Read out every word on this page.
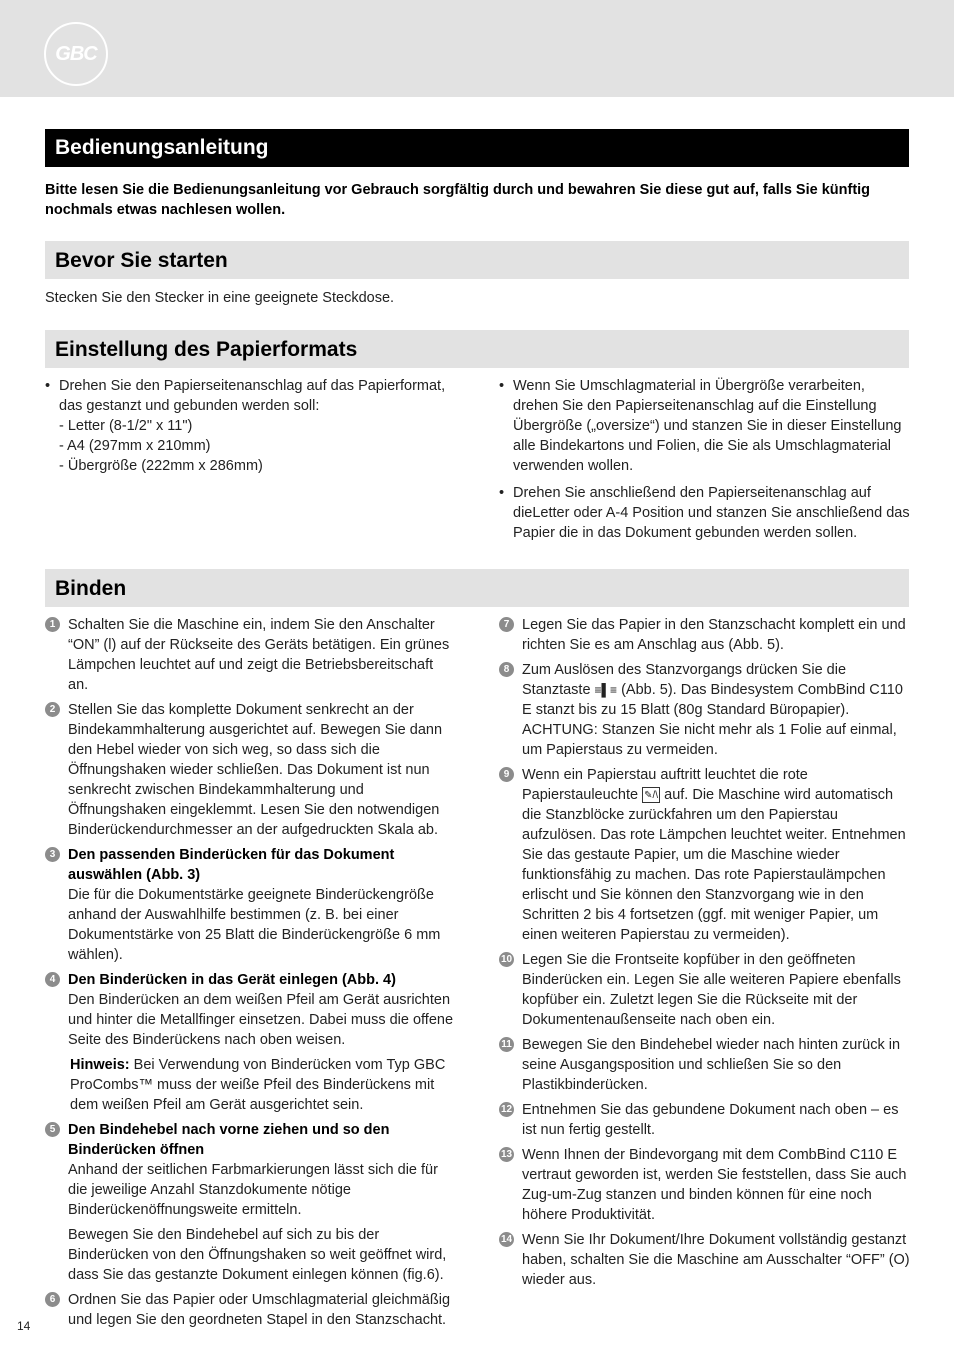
GBC
Bedienungsanleitung
Bitte lesen Sie die Bedienungsanleitung vor Gebrauch sorgfältig durch und bewahren Sie diese gut auf, falls Sie künftig nochmals etwas nachlesen wollen.
Bevor Sie starten
Stecken Sie den Stecker in eine geeignete Steckdose.
Einstellung des Papierformats
• Drehen Sie den Papierseitenanschlag auf das Papierformat, das gestanzt und gebunden werden soll:
- Letter (8-1/2" x 11")
- A4 (297mm x 210mm)
- Übergröße (222mm x 286mm)
• Wenn Sie Umschlagmaterial in Übergröße verarbeiten, drehen Sie den Papierseitenanschlag auf die Einstellung Übergröße („oversize“) und stanzen Sie in dieser Einstellung alle Bindekartons und Folien, die Sie als Umschlagmaterial verwenden wollen.
• Drehen Sie anschließend den Papierseitenanschlag auf dieLetter oder A-4 Position und stanzen Sie anschließend das Papier die in das Dokument gebunden werden sollen.
Binden
1 Schalten Sie die Maschine ein, indem Sie den Anschalter “ON” (l) auf der Rückseite des Geräts betätigen. Ein grünes Lämpchen leuchtet auf und zeigt die Betriebsbereitschaft an.
2 Stellen Sie das komplette Dokument senkrecht an der Bindekammhalterung ausgerichtet auf. Bewegen Sie dann den Hebel wieder von sich weg, so dass sich die Öffnungshaken wieder schließen. Das Dokument ist nun senkrecht zwischen Bindekammhalterung und Öffnungshaken eingeklemmt. Lesen Sie den notwendigen Binderückendurchmesser an der aufgedruckten Skala ab.
3 Den passenden Binderücken für das Dokument auswählen (Abb. 3)
Die für die Dokumentstärke geeignete Binderückengröße anhand der Auswahlhilfe bestimmen (z. B. bei einer Dokumentstärke von 25 Blatt die Binderückengröße 6 mm wählen).
4 Den Binderücken in das Gerät einlegen (Abb. 4)
Den Binderücken an dem weißen Pfeil am Gerät ausrichten und hinter die Metallfinger einsetzen. Dabei muss die offene Seite des Binderückens nach oben weisen.
Hinweis: Bei Verwendung von Binderücken vom Typ GBC ProCombs™ muss der weiße Pfeil des Binderückens mit dem weißen Pfeil am Gerät ausgerichtet sein.
5 Den Bindehebel nach vorne ziehen und so den Binderücken öffnen
Anhand der seitlichen Farbmarkierungen lässt sich die für die jeweilige Anzahl Stanzdokumente nötige Binderückenöffnungsweite ermitteln.
Bewegen Sie den Bindehebel auf sich zu bis der Binderücken von den Öffnungshaken so weit geöffnet wird, dass Sie das gestanzte Dokument einlegen können (fig.6).
6 Ordnen Sie das Papier oder Umschlagmaterial gleichmäßig und legen Sie den geordneten Stapel in den Stanzschacht.
7 Legen Sie das Papier in den Stanzschacht komplett ein und richten Sie es am Anschlag aus (Abb. 5).
8 Zum Auslösen des Stanzvorgangs drücken Sie die Stanztaste ≡▌≡ (Abb. 5). Das Bindesystem CombBind C110 E stanzt bis zu 15 Blatt (80g Standard Büropapier). ACHTUNG: Stanzen Sie nicht mehr als 1 Folie auf einmal, um Papierstaus zu vermeiden.
9 Wenn ein Papierstau auftritt leuchtet die rote Papierstauleuchte ✎/\ auf. Die Maschine wird automatisch die Stanzblöcke zurückfahren um den Papierstau aufzulösen. Das rote Lämpchen leuchtet weiter. Entnehmen Sie das gestaute Papier, um die Maschine wieder funktionsfähig zu machen. Das rote Papierstaulämpchen erlischt und Sie können den Stanzvorgang wie in den Schritten 2 bis 4 fortsetzen (ggf. mit weniger Papier, um einen weiteren Papierstau zu vermeiden).
10 Legen Sie die Frontseite kopfüber in den geöffneten Binderücken ein. Legen Sie alle weiteren Papiere ebenfalls kopfüber ein. Zuletzt legen Sie die Rückseite mit der Dokumentenaußenseite nach oben ein.
11 Bewegen Sie den Bindehebel wieder nach hinten zurück in seine Ausgangsposition und schließen Sie so den Plastikbinderücken.
12 Entnehmen Sie das gebundene Dokument nach oben – es ist nun fertig gestellt.
13 Wenn Ihnen der Bindevorgang mit dem CombBind C110 E vertraut geworden ist, werden Sie feststellen, dass Sie auch Zug-um-Zug stanzen und binden können für eine noch höhere Produktivität.
14 Wenn Sie Ihr Dokument/Ihre Dokument vollständig gestanzt haben, schalten Sie die Maschine am Ausschalter “OFF” (O) wieder aus.
14
